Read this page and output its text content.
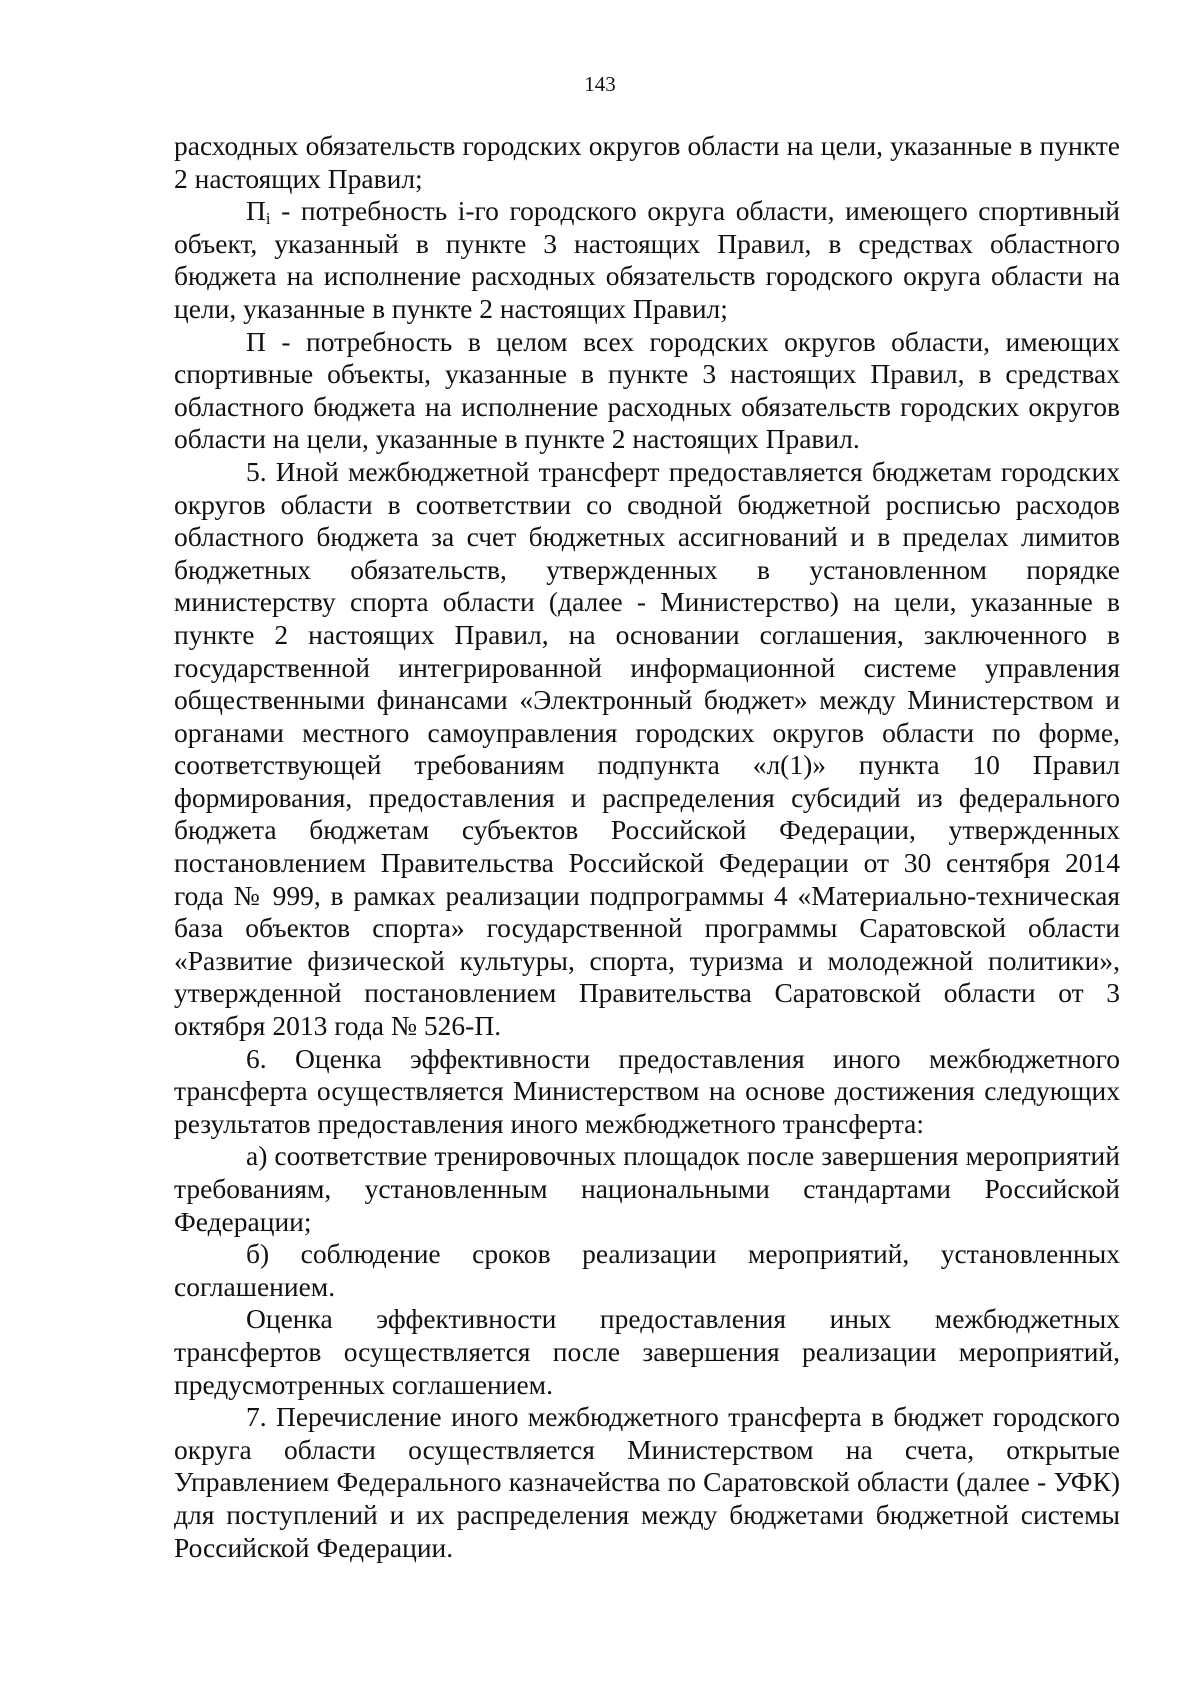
143

расходных обязательств городских округов области на цели, указанные в пункте 2 настоящих Правил;

$П_i$ - потребность i-го городского округа области, имеющего спортивный объект, указанный в пункте 3 настоящих Правил, в средствах областного бюджета на исполнение расходных обязательств городского округа области на цели, указанные в пункте 2 настоящих Правил;

П - потребность в целом всех городских округов области, имеющих спортивные объекты, указанные в пункте 3 настоящих Правил, в средствах областного бюджета на исполнение расходных обязательств городских округов области на цели, указанные в пункте 2 настоящих Правил.

5. Иной межбюджетной трансферт предоставляется бюджетам городских округов области в соответствии со сводной бюджетной росписью расходов областного бюджета за счет бюджетных ассигнований и в пределах лимитов бюджетных обязательств, утвержденных в установленном порядке министерству спорта области (далее - Министерство) на цели, указанные в пункте 2 настоящих Правил, на основании соглашения, заключенного в государственной интегрированной информационной системе управления общественными финансами «Электронный бюджет» между Министерством и органами местного самоуправления городских округов области по форме, соответствующей требованиям подпункта «л(1)» пункта 10 Правил формирования, предоставления и распределения субсидий из федерального бюджета бюджетам субъектов Российской Федерации, утвержденных постановлением Правительства Российской Федерации от 30 сентября 2014 года № 999, в рамках реализации подпрограммы 4 «Материально-техническая база объектов спорта» государственной программы Саратовской области «Развитие физической культуры, спорта, туризма и молодежной политики», утвержденной постановлением Правительства Саратовской области от 3 октября 2013 года № 526-П.

6. Оценка эффективности предоставления иного межбюджетного трансферта осуществляется Министерством на основе достижения следующих результатов предоставления иного межбюджетного трансферта:

а) соответствие тренировочных площадок после завершения мероприятий требованиям, установленным национальными стандартами Российской Федерации;

б) соблюдение сроков реализации мероприятий, установленных соглашением.

Оценка эффективности предоставления иных межбюджетных трансфертов осуществляется после завершения реализации мероприятий, предусмотренных соглашением.

7. Перечисление иного межбюджетного трансферта в бюджет городского округа области осуществляется Министерством на счета, открытые Управлением Федерального казначейства по Саратовской области (далее - УФК) для поступлений и их распределения между бюджетами бюджетной системы Российской Федерации.
